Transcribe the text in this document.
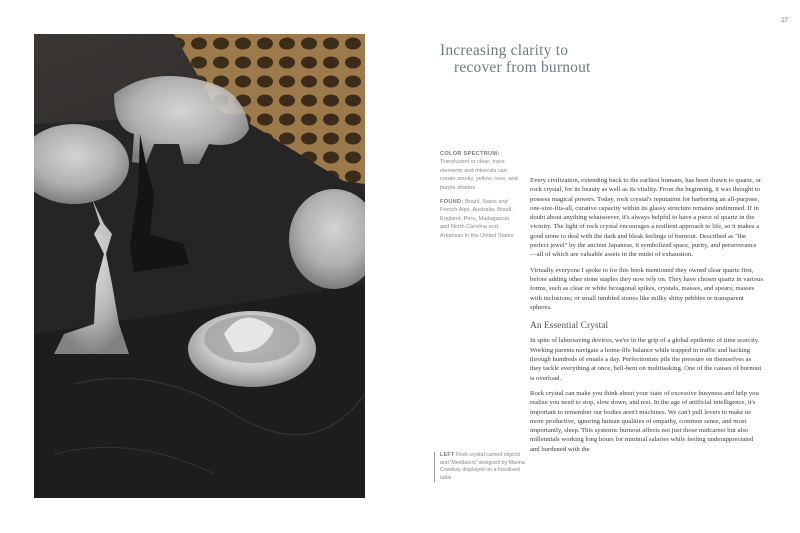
27
Increasing clarity to
recover from burnout

COLOR SPECTRUM:
Translucent or clear; trace elements and minerals can create smoky, yellow, rose, and purple shades

FOUND: Brazil, Swiss and French Alps, Australia, Brazil, England, Peru, Madagascar, and North Carolina and Arkansas in the United States

Every civilization, extending back to the earliest humans, has been drawn to quartz, or rock crystal, for its beauty as well as its vitality. From the beginning, it was thought to possess magical powers. Today, rock crystal's reputation for harboring an all-purpose, one-size-fits-all, curative capacity within its glassy structure remains undimmed. If in doubt about anything whatsoever, it's always helpful to have a piece of quartz in the vicinity. The light of rock crystal encourages a resilient approach to life, so it makes a good stone to deal with the dark and bleak feelings of burnout. Described as "the perfect jewel" by the ancient Japanese, it symbolized space, purity, and perseverance—all of which are valuable assets in the midst of exhaustion.

Virtually everyone I spoke to for this book mentioned they owned clear quartz first, before adding other stone staples they now rely on. They have chosen quartz in various forms, such as clear or white hexagonal spikes, crystals, masses, and spears; masses with inclusions; or small tumbled stones like milky shiny pebbles or transparent spheres.

An Essential Crystal

In spite of laborsaving devices, we're in the grip of a global epidemic of time scarcity. Working parents navigate a home-life balance while trapped in traffic and hacking through hundreds of emails a day. Perfectionists pile the pressure on themselves as they tackle everything at once, hell-bent on multitasking. One of the causes of burnout is overload.

Rock crystal can make you think about your state of excessive busyness and help you realize you need to stop, slow down, and rest. In the age of artificial intelligence, it's important to remember our bodies aren't machines. We can't pull levers to make us more productive, ignoring human qualities of empathy, common sense, and most importantly, sleep. This systemic burnout affects not just those midcareer but also millennials working long hours for minimal salaries while feeling underappreciated and burdened with the

LEFT Rock crystal carved objects and 'Meditators' designed by Marina Cowdray displayed on a fossilised table
